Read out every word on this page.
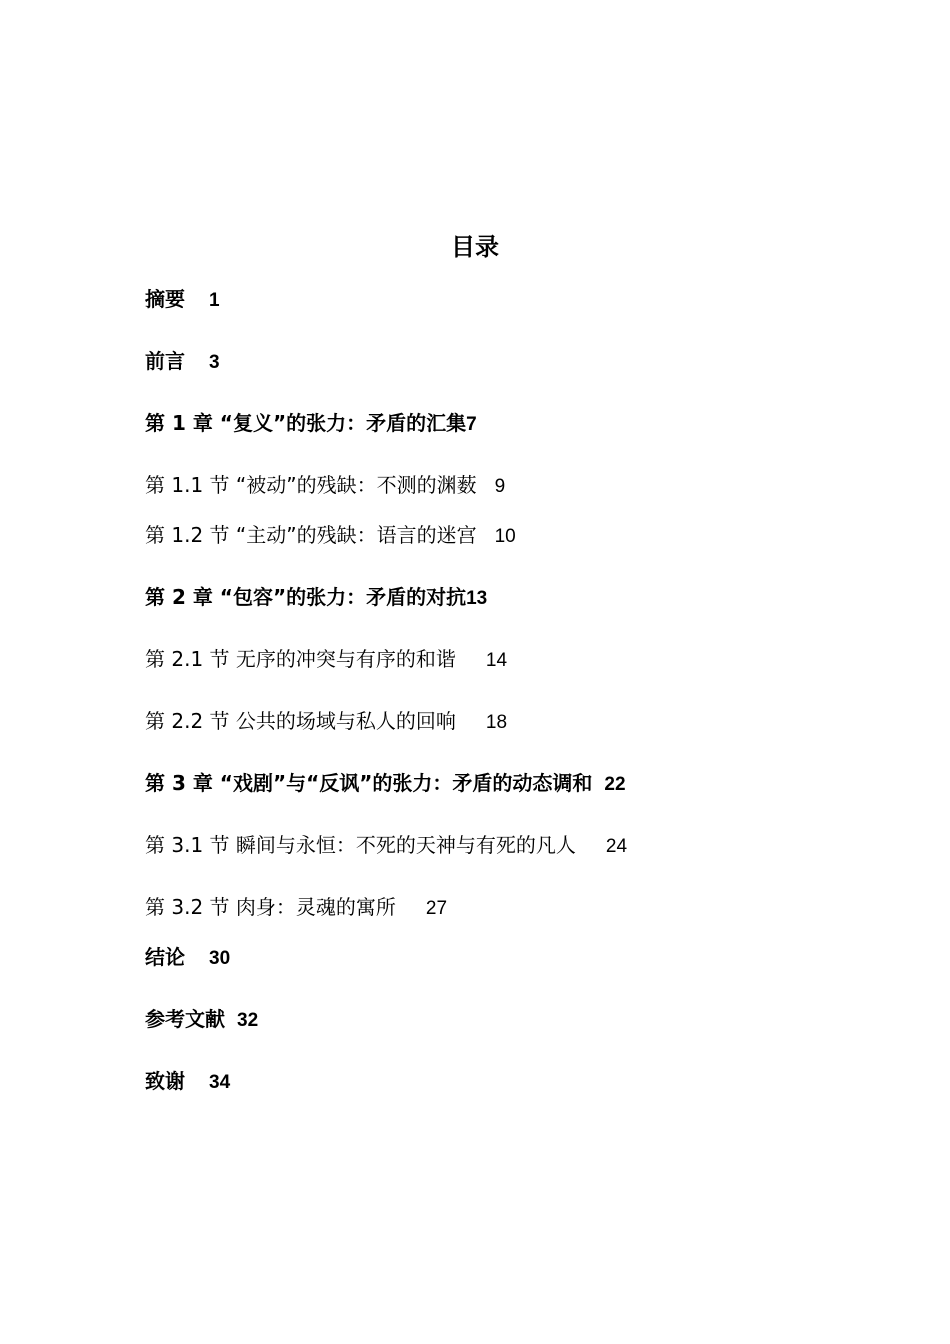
目录
摘要 1
前言 3
第 1 章 “复义”的张力：矛盾的汇集7
第 1.1 节 “被动”的残缺：不测的渊薮 9
第 1.2 节 “主动”的残缺：语言的迷宫 10
第 2 章 “包容”的张力：矛盾的对抗13
第 2.1 节 无序的冲突与有序的和谐 14
第 2.2 节 公共的场域与私人的回响 18
第 3 章 “戏剧”与“反讽”的张力：矛盾的动态调和 22
第 3.1 节 瞬间与永恒：不死的天神与有死的凡人 24
第 3.2 节 肉身：灵魂的寓所 27
结论 30
参考文献 32
致谢 34
